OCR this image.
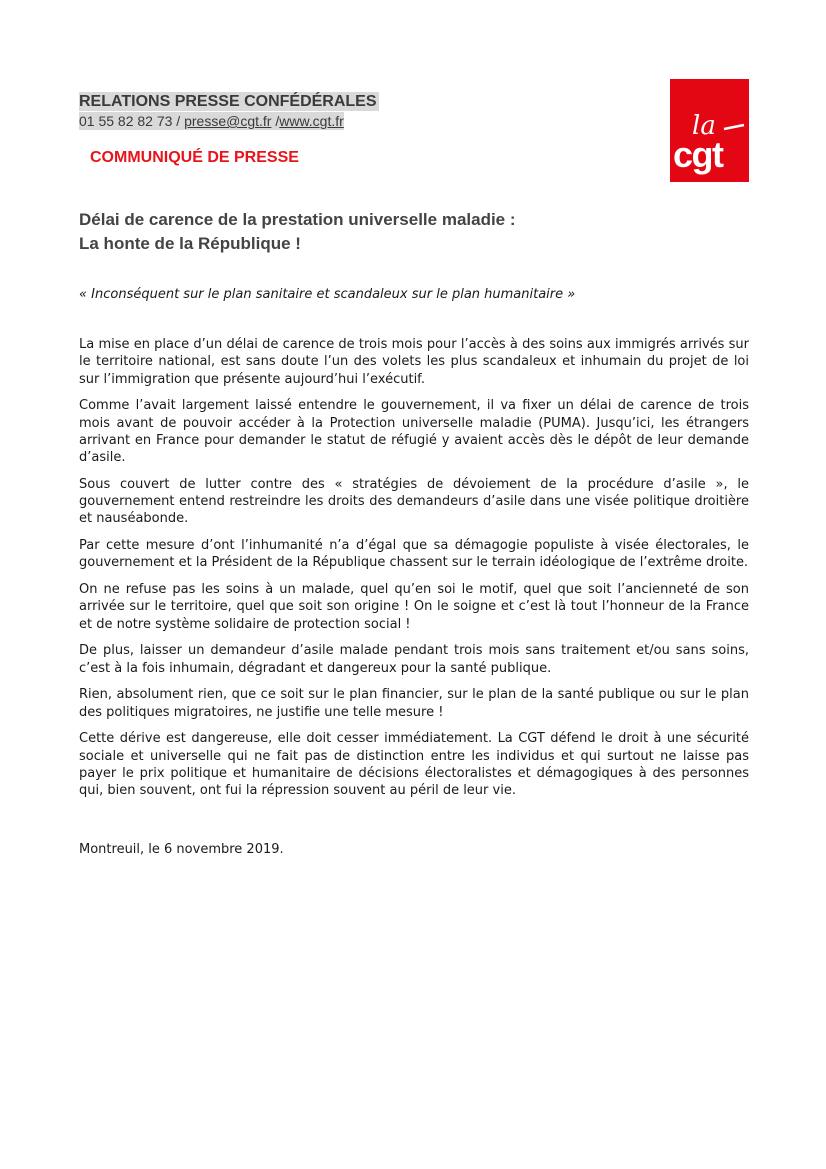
RELATIONS PRESSE CONFÉDÉRALES
01 55 82 82 73 / presse@cgt.fr /www.cgt.fr
COMMUNIQUÉ DE PRESSE
la
cgt
Délai de carence de la prestation universelle maladie :
La honte de la République !
« Inconséquent sur le plan sanitaire et scandaleux sur le plan humanitaire »

La mise en place d’un délai de carence de trois mois pour l’accès à des soins aux immigrés arrivés sur le territoire national, est sans doute l’un des volets les plus scandaleux et inhumain du projet de loi sur l’immigration que présente aujourd’hui l’exécutif.

Comme l’avait largement laissé entendre le gouvernement, il va fixer un délai de carence de trois mois avant de pouvoir accéder à la Protection universelle maladie (PUMA). Jusqu’ici, les étrangers arrivant en France pour demander le statut de réfugié y avaient accès dès le dépôt de leur demande d’asile.

Sous couvert de lutter contre des « stratégies de dévoiement de la procédure d’asile », le gouvernement entend restreindre les droits des demandeurs d’asile dans une visée politique droitière et nauséabonde.

Par cette mesure d’ont l’inhumanité n’a d’égal que sa démagogie populiste à visée électorales, le gouvernement et la Président de la République chassent sur le terrain idéologique de l’extrême droite.

On ne refuse pas les soins à un malade, quel qu’en soi le motif, quel que soit l’ancienneté de son arrivée sur le territoire, quel que soit son origine ! On le soigne et c’est là tout l’honneur de la France et de notre système solidaire de protection social !

De plus, laisser un demandeur d’asile malade pendant trois mois sans traitement et/ou sans soins, c’est à la fois inhumain, dégradant et dangereux pour la santé publique.

Rien, absolument rien, que ce soit sur le plan financier, sur le plan de la santé publique ou sur le plan des politiques migratoires, ne justifie une telle mesure !

Cette dérive est dangereuse, elle doit cesser immédiatement. La CGT défend le droit à une sécurité sociale et universelle qui ne fait pas de distinction entre les individus et qui surtout ne laisse pas payer le prix politique et humanitaire de décisions électoralistes et démagogiques à des personnes qui, bien souvent, ont fui la répression souvent au péril de leur vie.

Montreuil, le 6 novembre 2019.
